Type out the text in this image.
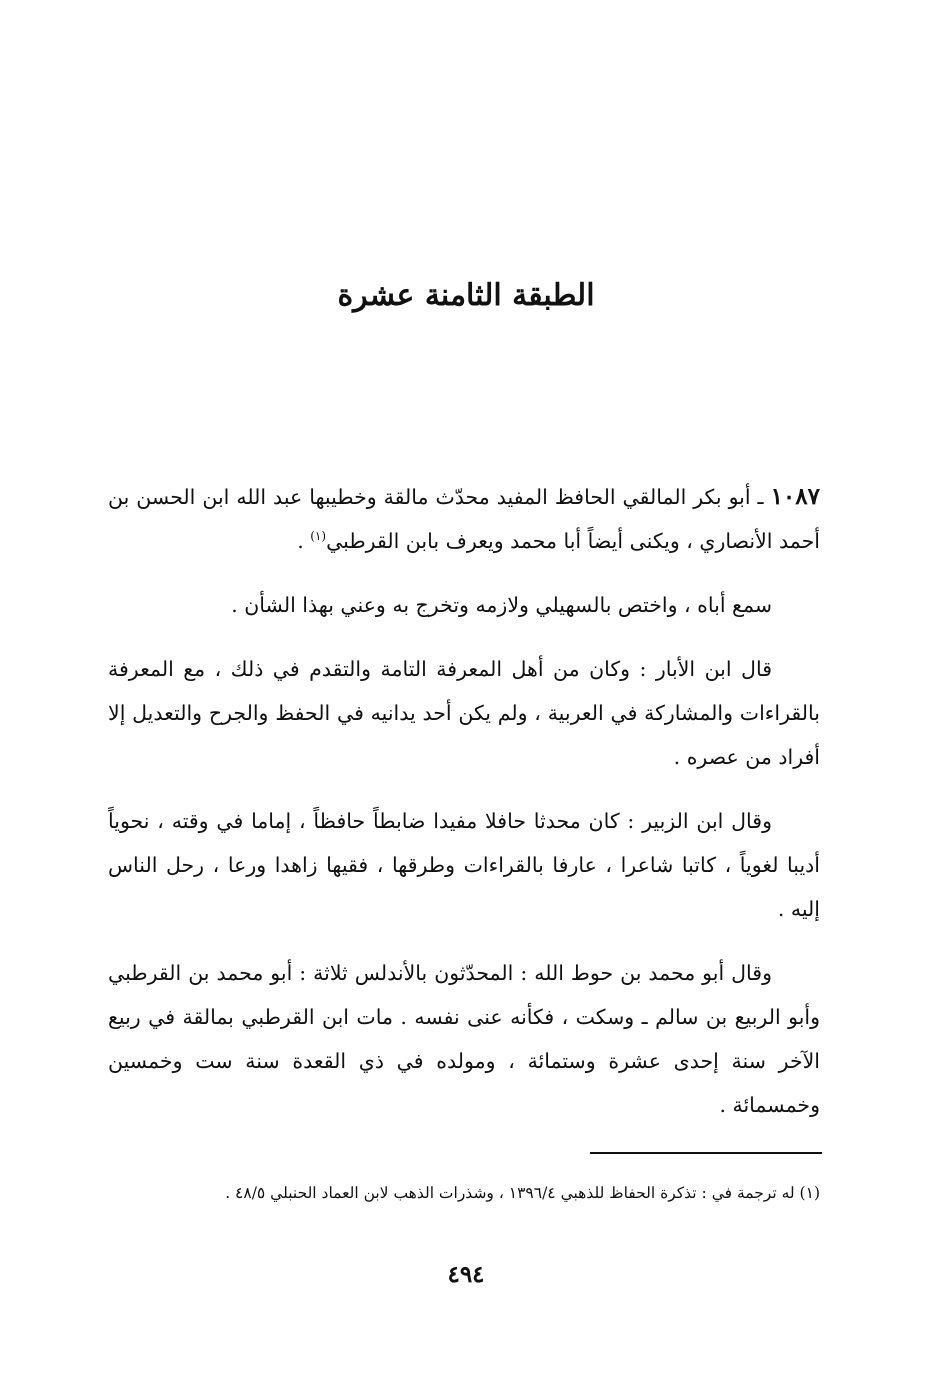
الطبقة الثامنة عشرة

١٠٨٧ ـ أبو بكر المالقي الحافظ المفيد محدّث مالقة وخطيبها عبد الله ابن الحسن بن أحمد الأنصاري ، ويكنى أيضاً أبا محمد ويعرف بابن القرطبي$^{(١)}$ .

سمع أباه ، واختص بالسهيلي ولازمه وتخرج به وعني بهذا الشأن .

قال ابن الأبار : وكان من أهل المعرفة التامة والتقدم في ذلك ، مع المعرفة بالقراءات والمشاركة في العربية ، ولم يكن أحد يدانيه في الحفظ والجرح والتعديل إلا أفراد من عصره .

وقال ابن الزبير : كان محدثا حافلا مفيدا ضابطاً حافظاً ، إماما في وقته ، نحوياً أديبا لغوياً ، كاتبا شاعرا ، عارفا بالقراءات وطرقها ، فقيها زاهدا ورعا ، رحل الناس إليه .

وقال أبو محمد بن حوط الله : المحدّثون بالأندلس ثلاثة : أبو محمد بن القرطبي وأبو الربيع بن سالم ـ وسكت ، فكأنه عنى نفسه . مات ابن القرطبي بمالقة في ربيع الآخر سنة إحدى عشرة وستمائة ، ومولده في ذي القعدة سنة ست وخمسين وخمسمائة .

(١) له ترجمة في : تذكرة الحفاظ للذهبي ١٣٩٦/٤ ، وشذرات الذهب لابن العماد الحنبلي ٤٨/٥ .

٤٩٤
